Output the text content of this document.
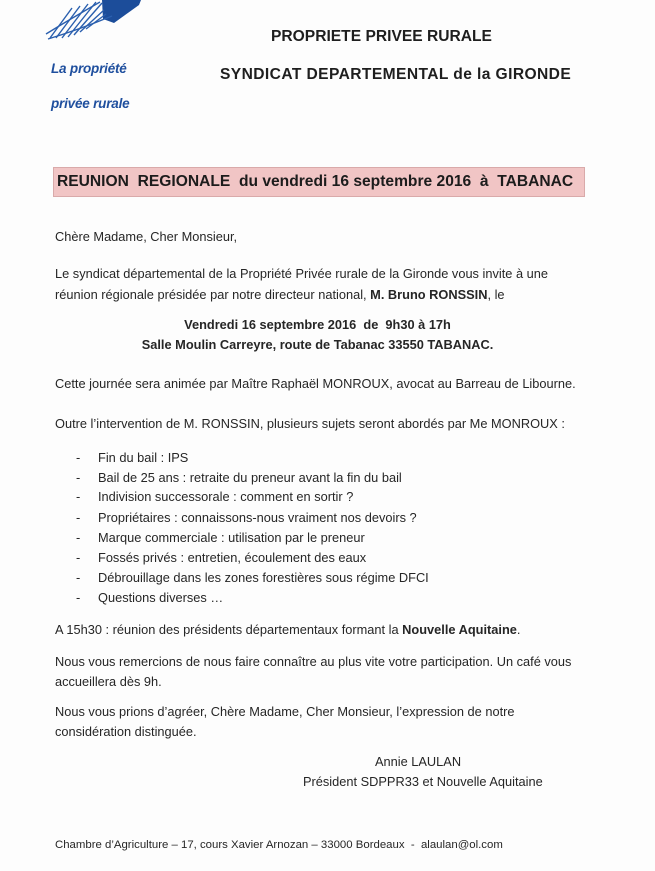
La propriété

privée rurale

PROPRIETE PRIVEE RURALE
SYNDICAT DEPARTEMENTAL de la GIRONDE
REUNION  REGIONALE  du vendredi 16 septembre 2016  à  TABANAC
Chère Madame, Cher Monsieur,
Le syndicat départemental de la Propriété Privée rurale de la Gironde vous invite à une
réunion régionale présidée par notre directeur national, M. Bruno RONSSIN, le
Vendredi 16 septembre 2016  de  9h30 à 17h
Salle Moulin Carreyre, route de Tabanac 33550 TABANAC.
Cette journée sera animée par Maître Raphaël MONROUX, avocat au Barreau de Libourne.
Outre l’intervention de M. RONSSIN, plusieurs sujets seront abordés par Me MONROUX :
- Fin du bail : IPS
- Bail de 25 ans : retraite du preneur avant la fin du bail
- Indivision successorale : comment en sortir ?
- Propriétaires : connaissons-nous vraiment nos devoirs ?
- Marque commerciale : utilisation par le preneur
- Fossés privés : entretien, écoulement des eaux
- Débrouillage dans les zones forestières sous régime DFCI
- Questions diverses …
A 15h30 : réunion des présidents départementaux formant la Nouvelle Aquitaine.
Nous vous remercions de nous faire connaître au plus vite votre participation. Un café vous
accueillera dès 9h.
Nous vous prions d’agréer, Chère Madame, Cher Monsieur, l’expression de notre
considération distinguée.
Annie LAULAN
Président SDPPR33 et Nouvelle Aquitaine
Chambre d’Agriculture – 17, cours Xavier Arnozan – 33000 Bordeaux  -  alaulan@ol.com
